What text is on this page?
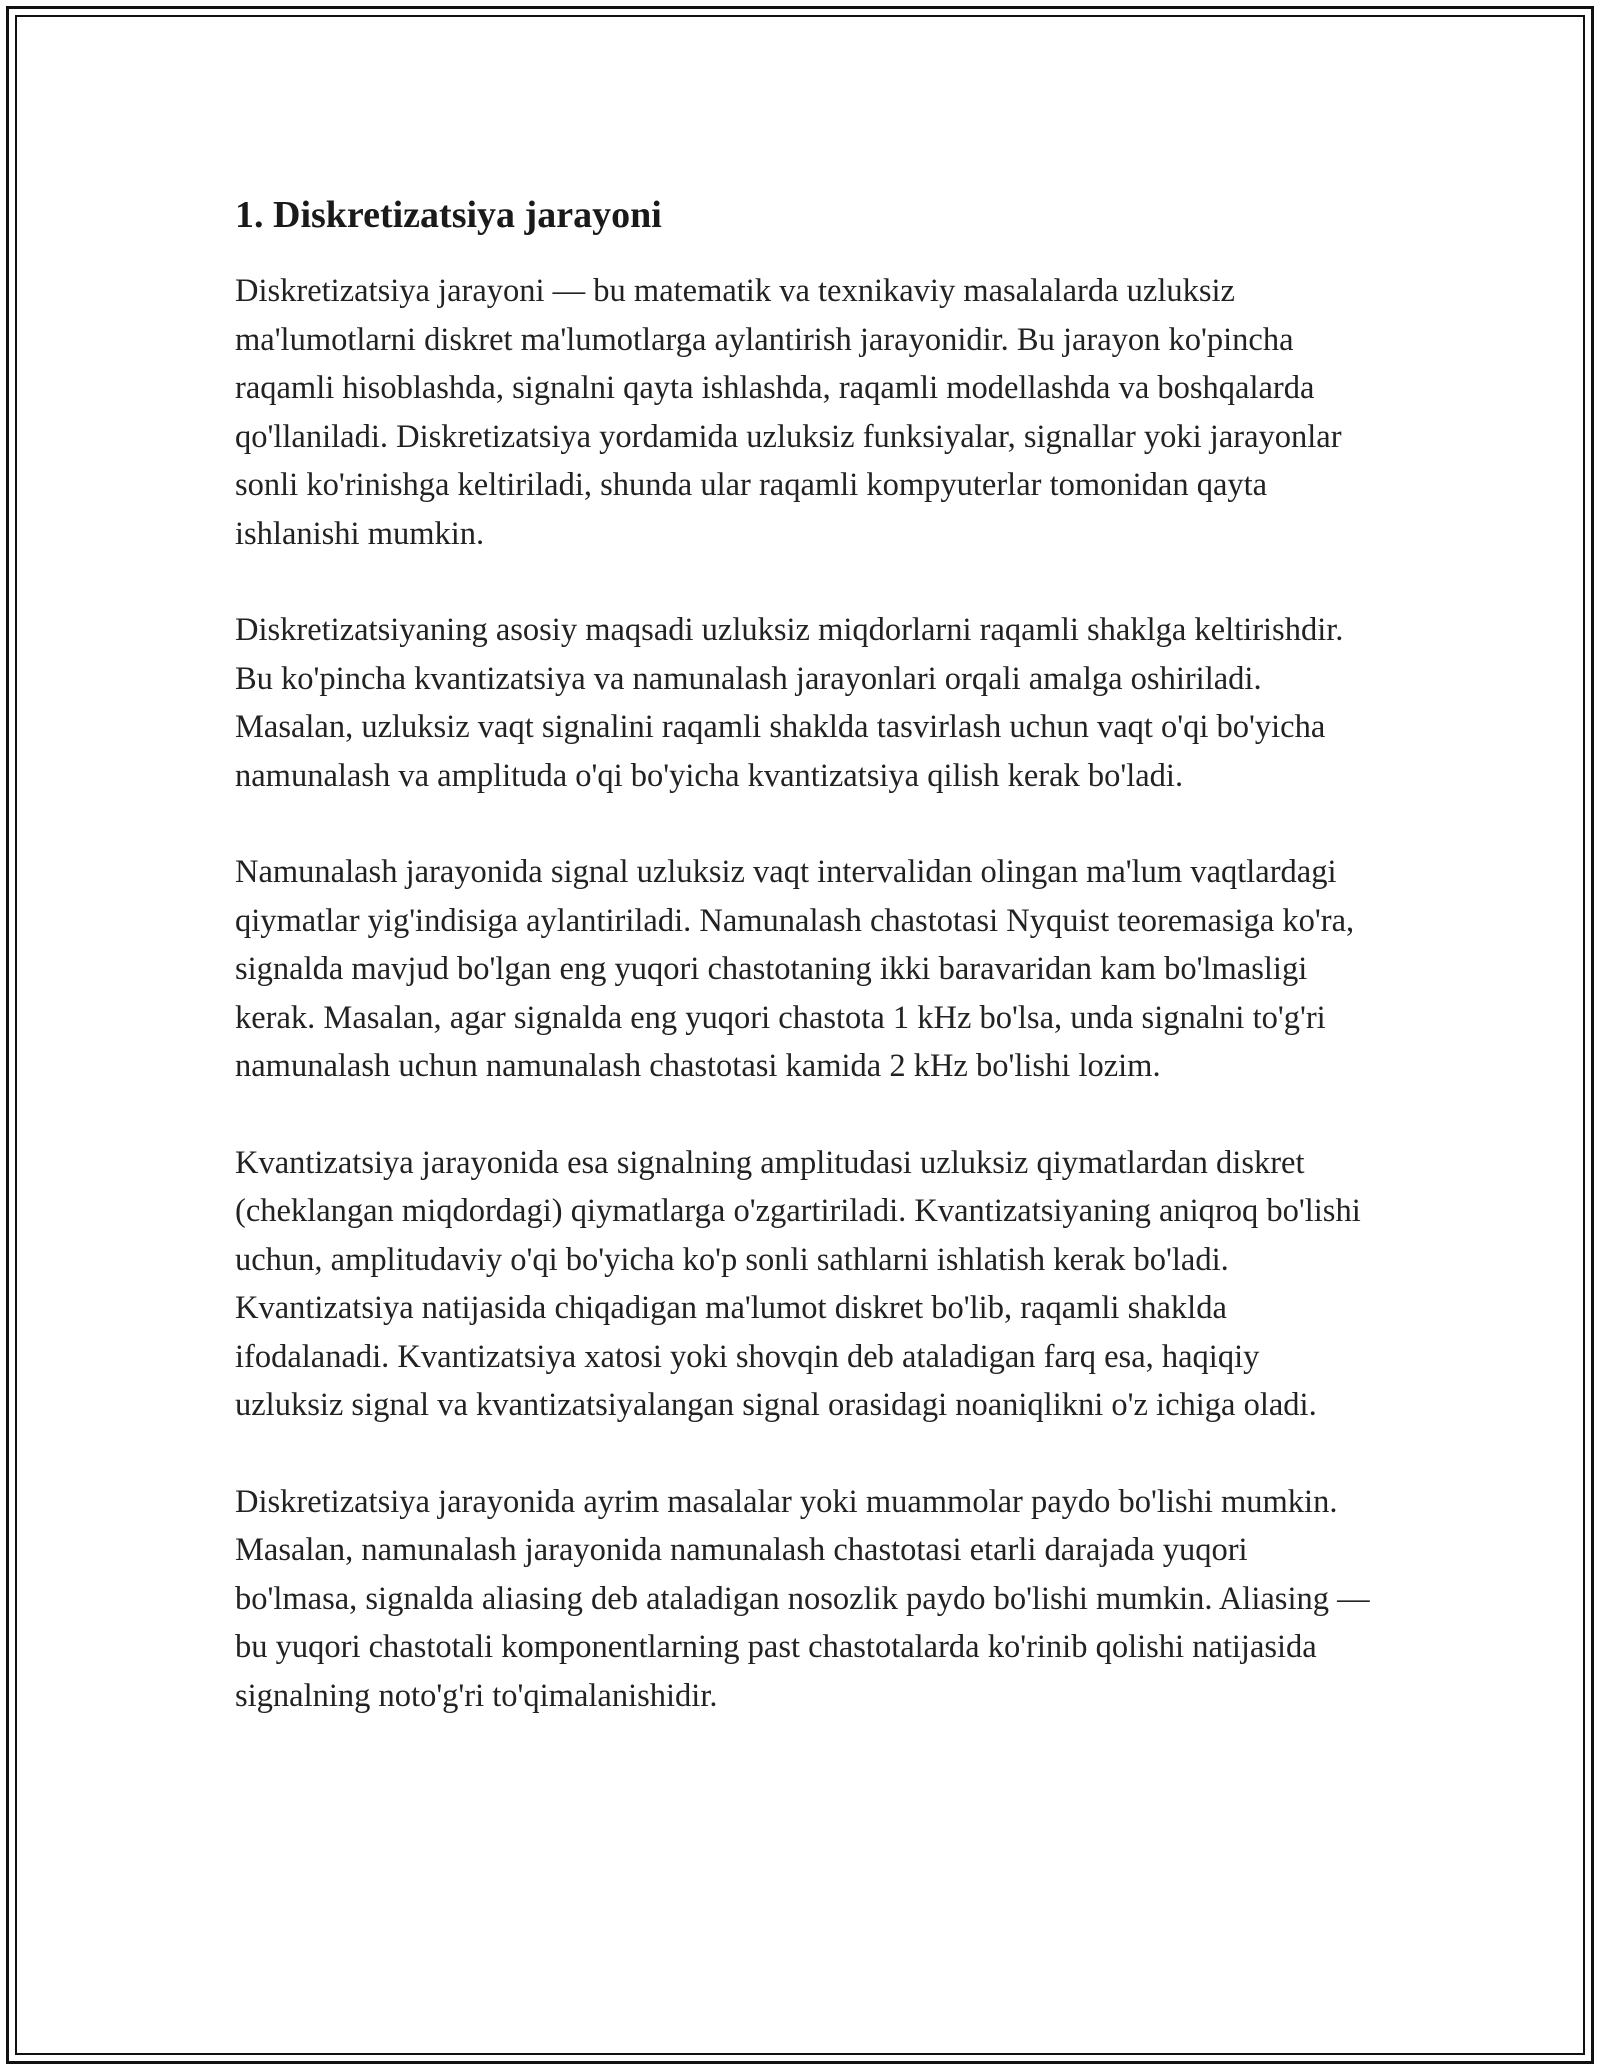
1. Diskretizatsiya jarayoni

Diskretizatsiya jarayoni — bu matematik va texnikaviy masalalarda uzluksiz ma'lumotlarni diskret ma'lumotlarga aylantirish jarayonidir. Bu jarayon ko'pincha raqamli hisoblashda, signalni qayta ishlashda, raqamli modellashda va boshqalarda qo'llaniladi. Diskretizatsiya yordamida uzluksiz funksiyalar, signallar yoki jarayonlar sonli ko'rinishga keltiriladi, shunda ular raqamli kompyuterlar tomonidan qayta ishlanishi mumkin.

Diskretizatsiyaning asosiy maqsadi uzluksiz miqdorlarni raqamli shaklga keltirishdir. Bu ko'pincha kvantizatsiya va namunalash jarayonlari orqali amalga oshiriladi. Masalan, uzluksiz vaqt signalini raqamli shaklda tasvirlash uchun vaqt o'qi bo'yicha namunalash va amplituda o'qi bo'yicha kvantizatsiya qilish kerak bo'ladi.

Namunalash jarayonida signal uzluksiz vaqt intervalidan olingan ma'lum vaqtlardagi qiymatlar yig'indisiga aylantiriladi. Namunalash chastotasi Nyquist teoremasiga ko'ra, signalda mavjud bo'lgan eng yuqori chastotaning ikki baravaridan kam bo'lmasligi kerak. Masalan, agar signalda eng yuqori chastota 1 kHz bo'lsa, unda signalni to'g'ri namunalash uchun namunalash chastotasi kamida 2 kHz bo'lishi lozim.

Kvantizatsiya jarayonida esa signalning amplitudasi uzluksiz qiymatlardan diskret (cheklangan miqdordagi) qiymatlarga o'zgartiriladi. Kvantizatsiyaning aniqroq bo'lishi uchun, amplitudaviy o'qi bo'yicha ko'p sonli sathlarni ishlatish kerak bo'ladi. Kvantizatsiya natijasida chiqadigan ma'lumot diskret bo'lib, raqamli shaklda ifodalanadi. Kvantizatsiya xatosi yoki shovqin deb ataladigan farq esa, haqiqiy uzluksiz signal va kvantizatsiyalangan signal orasidagi noaniqlikni o'z ichiga oladi.

Diskretizatsiya jarayonida ayrim masalalar yoki muammolar paydo bo'lishi mumkin. Masalan, namunalash jarayonida namunalash chastotasi etarli darajada yuqori bo'lmasa, signalda aliasing deb ataladigan nosozlik paydo bo'lishi mumkin. Aliasing — bu yuqori chastotali komponentlarning past chastotalarda ko'rinib qolishi natijasida signalning noto'g'ri to'qimalanishidir.
